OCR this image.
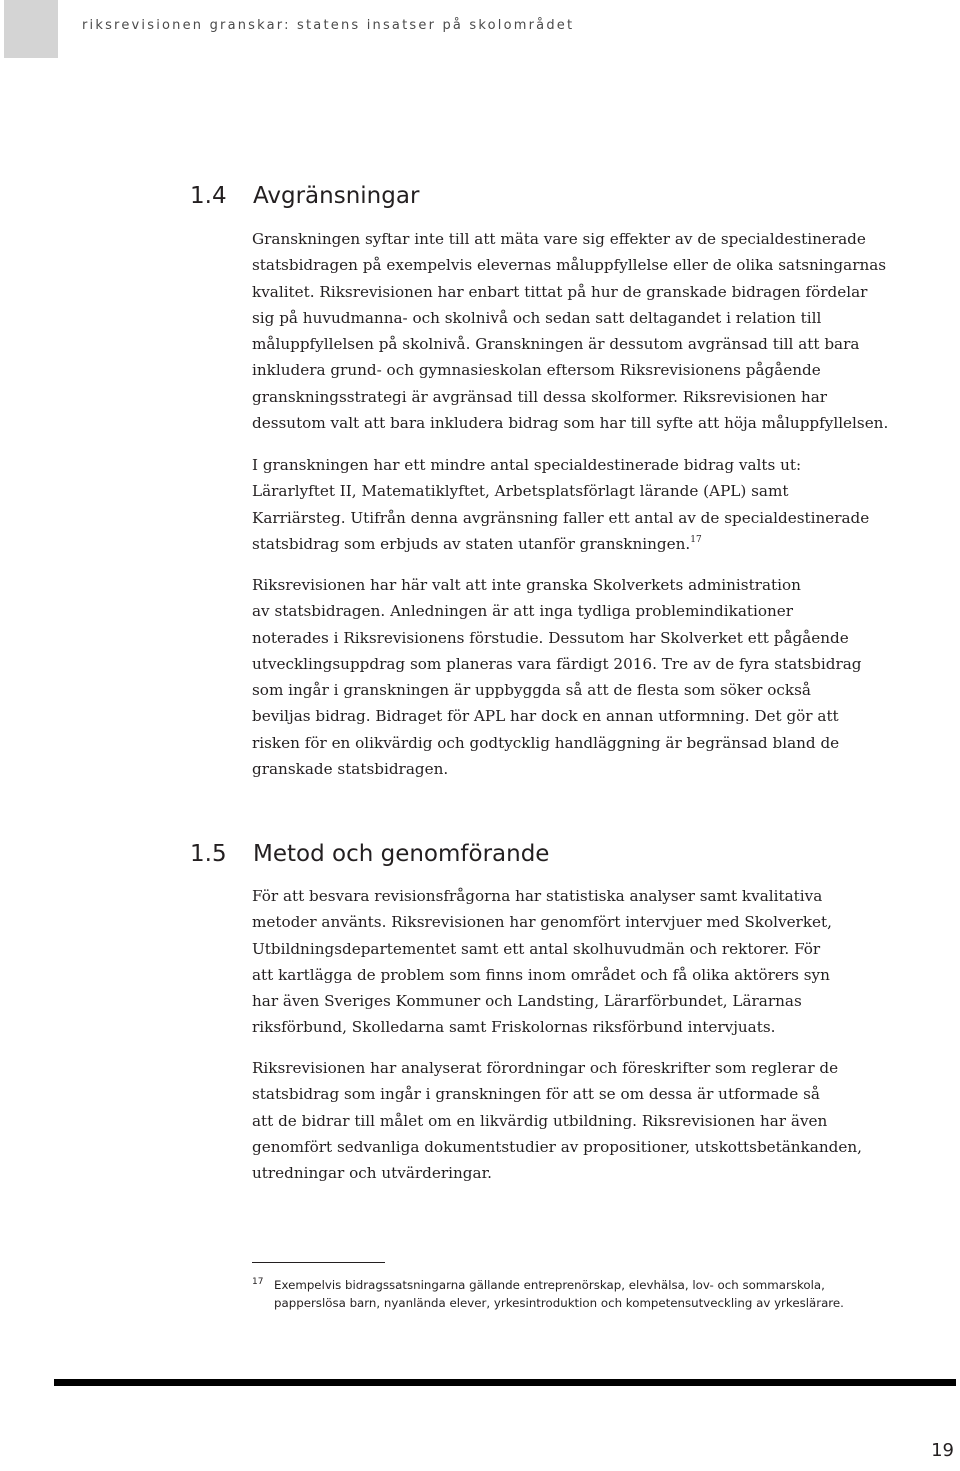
riksrevisionen granskar: statens insatser på skolområdet
1.4	Avgränsningar

Granskningen syftar inte till att mäta vare sig effekter av de specialdestinerade
statsbidragen på exempelvis elevernas måluppfyllelse eller de olika satsningarnas
kvalitet. Riksrevisionen har enbart tittat på hur de granskade bidragen fördelar
sig på huvudmanna- och skolnivå och sedan satt deltagandet i relation till
måluppfyllelsen på skolnivå. Granskningen är dessutom avgränsad till att bara
inkludera grund- och gymnasieskolan eftersom Riksrevisionens pågående
granskningsstrategi är avgränsad till dessa skolformer. Riksrevisionen har
dessutom valt att bara inkludera bidrag som har till syfte att höja måluppfyllelsen.

I granskningen har ett mindre antal specialdestinerade bidrag valts ut:
Lärarlyftet II, Matematiklyftet, Arbetsplatsförlagt lärande (APL) samt
Karriärsteg. Utifrån denna avgränsning faller ett antal av de specialdestinerade
statsbidrag som erbjuds av staten utanför granskningen.$^{17}$

Riksrevisionen har här valt att inte granska Skolverkets administration
av statsbidragen. Anledningen är att inga tydliga problemindikationer
noterades i Riksrevisionens förstudie. Dessutom har Skolverket ett pågående
utvecklingsuppdrag som planeras vara färdigt 2016. Tre av de fyra statsbidrag
som ingår i granskningen är uppbyggda så att de flesta som söker också
beviljas bidrag. Bidraget för APL har dock en annan utformning. Det gör att
risken för en olikvärdig och godtycklig handläggning är begränsad bland de
granskade statsbidragen.

1.5	Metod och genomförande

För att besvara revisionsfrågorna har statistiska analyser samt kvalitativa
metoder använts. Riksrevisionen har genomfört intervjuer med Skolverket,
Utbildningsdepartementet samt ett antal skolhuvudmän och rektorer. För
att kartlägga de problem som finns inom området och få olika aktörers syn
har även Sveriges Kommuner och Landsting, Lärarförbundet, Lärarnas
riksförbund, Skolledarna samt Friskolornas riksförbund intervjuats.

Riksrevisionen har analyserat förordningar och föreskrifter som reglerar de
statsbidrag som ingår i granskningen för att se om dessa är utformade så
att de bidrar till målet om en likvärdig utbildning. Riksrevisionen har även
genomfört sedvanliga dokumentstudier av propositioner, utskottsbetänkanden,
utredningar och utvärderingar.

17 Exempelvis bidragssatsningarna gällande entreprenörskap, elevhälsa, lov- och sommarskola,
papperslösa barn, nyanlända elever, yrkesintroduktion och kompetensutveckling av yrkeslärare.
19
